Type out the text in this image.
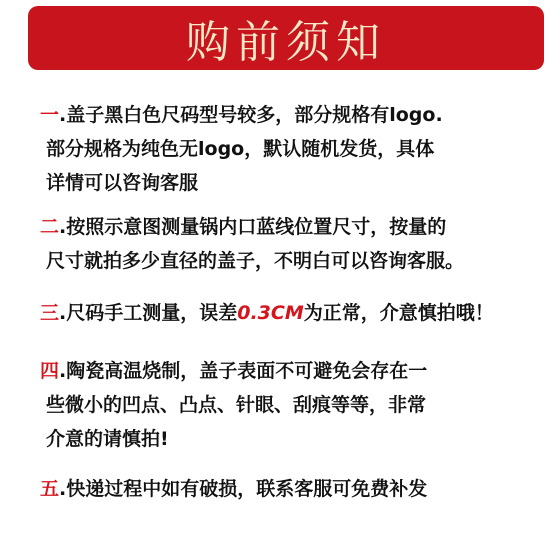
购前须知
一.盖子黑白色尺码型号较多，部分规格有logo.
部分规格为纯色无logo，默认随机发货，具体
详情可以咨询客服
二.按照示意图测量锅内口蓝线位置尺寸，按量的
尺寸就拍多少直径的盖子，不明白可以咨询客服。
三.尺码手工测量，误差0.3CM为正常，介意慎拍哦！
四.陶瓷高温烧制，盖子表面不可避免会存在一
些微小的凹点、凸点、针眼、刮痕等等，非常
介意的请慎拍!
五.快递过程中如有破损，联系客服可免费补发
